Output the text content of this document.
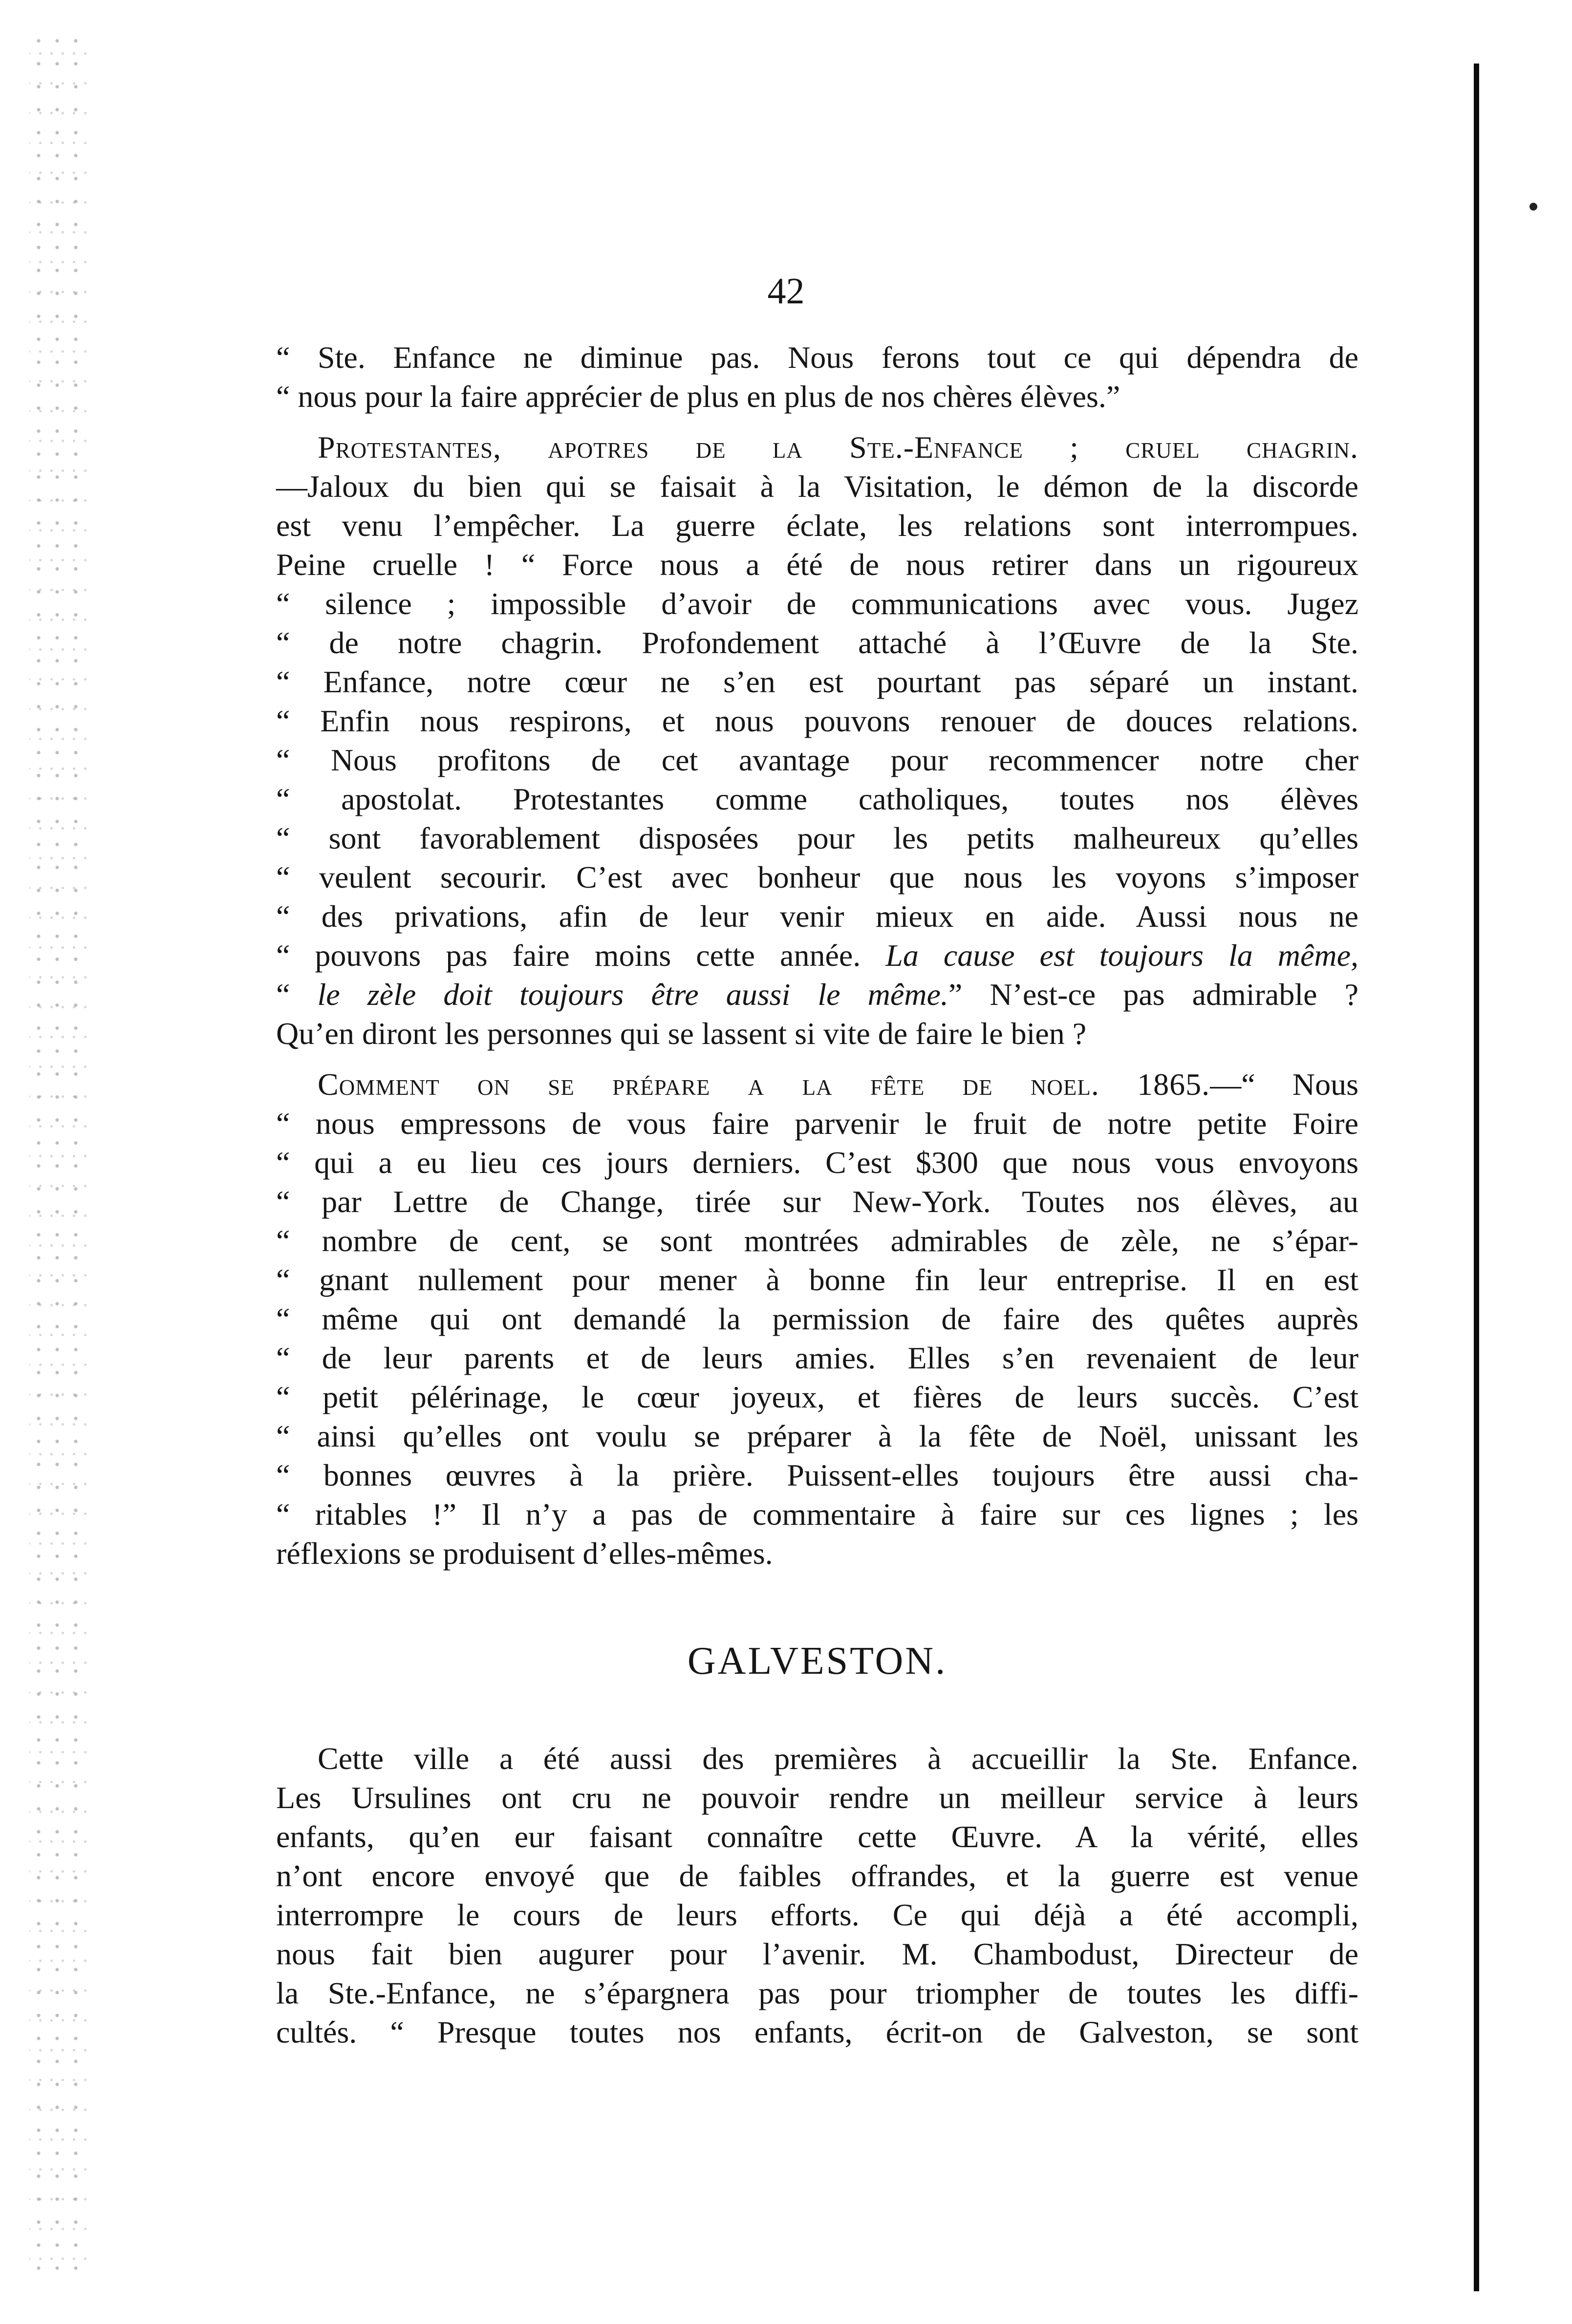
42
“ Ste. Enfance ne diminue pas. Nous ferons tout ce qui dépendra de
“ nous pour la faire apprécier de plus en plus de nos chères élèves.”
Protestantes, apotres de la Ste.-Enfance ; cruel chagrin.
—Jaloux du bien qui se faisait à la Visitation, le démon de la discorde
est venu l’empêcher. La guerre éclate, les relations sont interrompues.
Peine cruelle ! “ Force nous a été de nous retirer dans un rigoureux
“ silence ; impossible d’avoir de communications avec vous. Jugez
“ de notre chagrin. Profondement attaché à l’Œuvre de la Ste.
“ Enfance, notre cœur ne s’en est pourtant pas séparé un instant.
“ Enfin nous respirons, et nous pouvons renouer de douces relations.
“ Nous profitons de cet avantage pour recommencer notre cher
“ apostolat. Protestantes comme catholiques, toutes nos élèves
“ sont favorablement disposées pour les petits malheureux qu’elles
“ veulent secourir. C’est avec bonheur que nous les voyons s’imposer
“ des privations, afin de leur venir mieux en aide. Aussi nous ne
“ pouvons pas faire moins cette année. La cause est toujours la même,
“ le zèle doit toujours être aussi le même.” N’est-ce pas admirable ?
Qu’en diront les personnes qui se lassent si vite de faire le bien ?
Comment on se prépare a la fête de noel. 1865.—“ Nous
“ nous empressons de vous faire parvenir le fruit de notre petite Foire
“ qui a eu lieu ces jours derniers. C’est $300 que nous vous envoyons
“ par Lettre de Change, tirée sur New-York. Toutes nos élèves, au
“ nombre de cent, se sont montrées admirables de zèle, ne s’épar-
“ gnant nullement pour mener à bonne fin leur entreprise. Il en est
“ même qui ont demandé la permission de faire des quêtes auprès
“ de leur parents et de leurs amies. Elles s’en revenaient de leur
“ petit pélérinage, le cœur joyeux, et fières de leurs succès. C’est
“ ainsi qu’elles ont voulu se préparer à la fête de Noël, unissant les
“ bonnes œuvres à la prière. Puissent-elles toujours être aussi cha-
“ ritables !” Il n’y a pas de commentaire à faire sur ces lignes ; les
réflexions se produisent d’elles-mêmes.
GALVESTON.
Cette ville a été aussi des premières à accueillir la Ste. Enfance.
Les Ursulines ont cru ne pouvoir rendre un meilleur service à leurs
enfants, qu’en eur faisant connaître cette Œuvre. A la vérité, elles
n’ont encore envoyé que de faibles offrandes, et la guerre est venue
interrompre le cours de leurs efforts. Ce qui déjà a été accompli,
nous fait bien augurer pour l’avenir. M. Chambodust, Directeur de
la Ste.-Enfance, ne s’épargnera pas pour triompher de toutes les diffi-
cultés. “ Presque toutes nos enfants, écrit-on de Galveston, se sont
